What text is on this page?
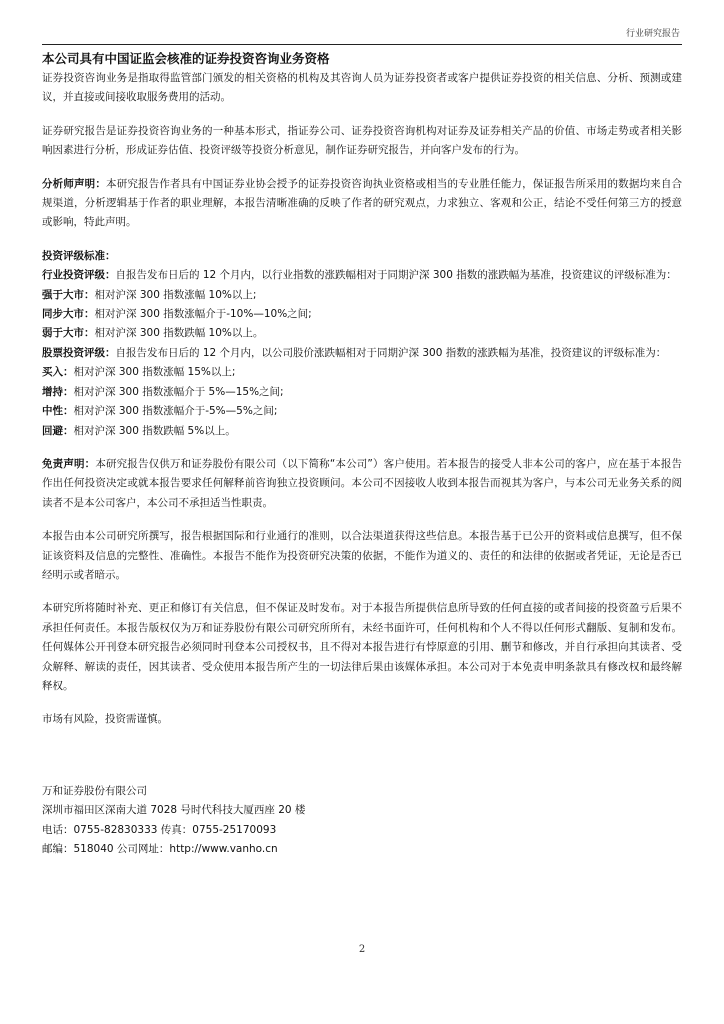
行业研究报告
本公司具有中国证监会核准的证券投资咨询业务资格

证券投资咨询业务是指取得监管部门颁发的相关资格的机构及其咨询人员为证券投资者或客户提供证券投资的相关信息、分析、预测或建议，并直接或间接收取服务费用的活动。

证券研究报告是证券投资咨询业务的一种基本形式，指证券公司、证券投资咨询机构对证券及证券相关产品的价值、市场走势或者相关影响因素进行分析，形成证券估值、投资评级等投资分析意见，制作证券研究报告，并向客户发布的行为。

分析师声明：本研究报告作者具有中国证券业协会授予的证券投资咨询执业资格或相当的专业胜任能力，保证报告所采用的数据均来自合规渠道，分析逻辑基于作者的职业理解，本报告清晰准确的反映了作者的研究观点，力求独立、客观和公正，结论不受任何第三方的授意或影响，特此声明。

投资评级标准：

行业投资评级：自报告发布日后的 12 个月内，以行业指数的涨跌幅相对于同期沪深 300 指数的涨跌幅为基准，投资建议的评级标准为：

强于大市：相对沪深 300 指数涨幅 10%以上;

同步大市：相对沪深 300 指数涨幅介于-10%—10%之间;

弱于大市：相对沪深 300 指数跌幅 10%以上。

股票投资评级：自报告发布日后的 12 个月内，以公司股价涨跌幅相对于同期沪深 300 指数的涨跌幅为基准，投资建议的评级标准为：

买入：相对沪深 300 指数涨幅 15%以上;

增持：相对沪深 300 指数涨幅介于 5%—15%之间;

中性：相对沪深 300 指数涨幅介于-5%—5%之间;

回避：相对沪深 300 指数跌幅 5%以上。

免责声明：本研究报告仅供万和证券股份有限公司（以下简称“本公司”）客户使用。若本报告的接受人非本公司的客户，应在基于本报告作出任何投资决定或就本报告要求任何解释前咨询独立投资顾问。本公司不因接收人收到本报告而视其为客户，与本公司无业务关系的阅读者不是本公司客户，本公司不承担适当性职责。

本报告由本公司研究所撰写，报告根据国际和行业通行的准则，以合法渠道获得这些信息。本报告基于已公开的资料或信息撰写，但不保证该资料及信息的完整性、准确性。本报告不能作为投资研究决策的依据，不能作为道义的、责任的和法律的依据或者凭证，无论是否已经明示或者暗示。

本研究所将随时补充、更正和修订有关信息，但不保证及时发布。对于本报告所提供信息所导致的任何直接的或者间接的投资盈亏后果不承担任何责任。本报告版权仅为万和证券股份有限公司研究所所有，未经书面许可，任何机构和个人不得以任何形式翻版、复制和发布。任何媒体公开刊登本研究报告必须同时刊登本公司授权书，且不得对本报告进行有悖原意的引用、删节和修改，并自行承担向其读者、受众解释、解读的责任，因其读者、受众使用本报告所产生的一切法律后果由该媒体承担。本公司对于本免责申明条款具有修改权和最终解释权。

市场有风险，投资需谨慎。

万和证券股份有限公司
深圳市福田区深南大道 7028 号时代科技大厦西座 20 楼
电话：0755-82830333 传真：0755-25170093
邮编：518040 公司网址：http://www.vanho.cn
2
